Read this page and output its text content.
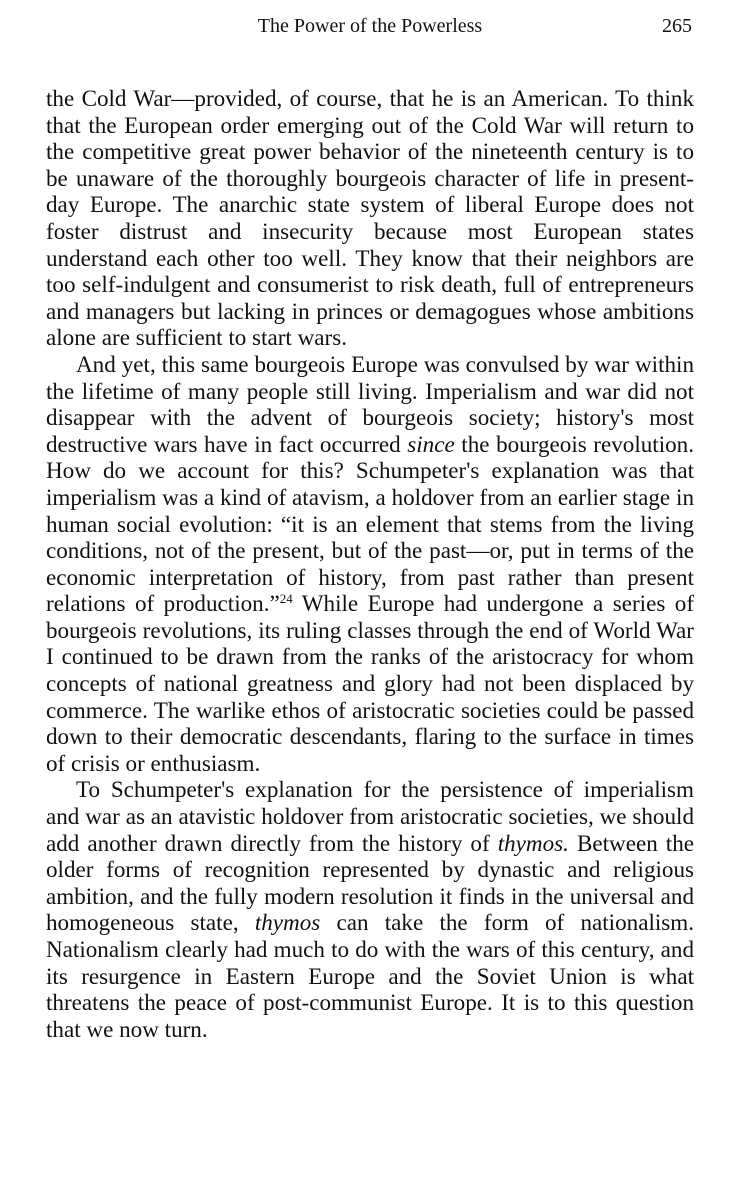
The Power of the Powerless	265

the Cold War—provided, of course, that he is an American. To think that the European order emerging out of the Cold War will return to the competitive great power behavior of the nineteenth century is to be unaware of the thoroughly bourgeois character of life in present-day Europe. The anarchic state system of liberal Europe does not foster distrust and insecurity because most European states understand each other too well. They know that their neighbors are too self-indulgent and consumerist to risk death, full of entrepreneurs and managers but lacking in princes or demagogues whose ambitions alone are sufficient to start wars.

And yet, this same bourgeois Europe was convulsed by war within the lifetime of many people still living. Imperialism and war did not disappear with the advent of bourgeois society; history's most destructive wars have in fact occurred since the bourgeois revolution. How do we account for this? Schumpeter's explanation was that imperialism was a kind of atavism, a holdover from an earlier stage in human social evolution: “it is an element that stems from the living conditions, not of the present, but of the past—or, put in terms of the economic interpretation of history, from past rather than present relations of production.”$^{24}$ While Europe had undergone a series of bourgeois revolutions, its ruling classes through the end of World War I continued to be drawn from the ranks of the aristocracy for whom concepts of national greatness and glory had not been displaced by commerce. The warlike ethos of aristocratic societies could be passed down to their democratic descendants, flaring to the surface in times of crisis or enthusiasm.

To Schumpeter's explanation for the persistence of imperialism and war as an atavistic holdover from aristocratic societies, we should add another drawn directly from the history of thymos. Between the older forms of recognition represented by dynastic and religious ambition, and the fully modern resolution it finds in the universal and homogeneous state, thymos can take the form of nationalism. Nationalism clearly had much to do with the wars of this century, and its resurgence in Eastern Europe and the Soviet Union is what threatens the peace of post-communist Europe. It is to this question that we now turn.
